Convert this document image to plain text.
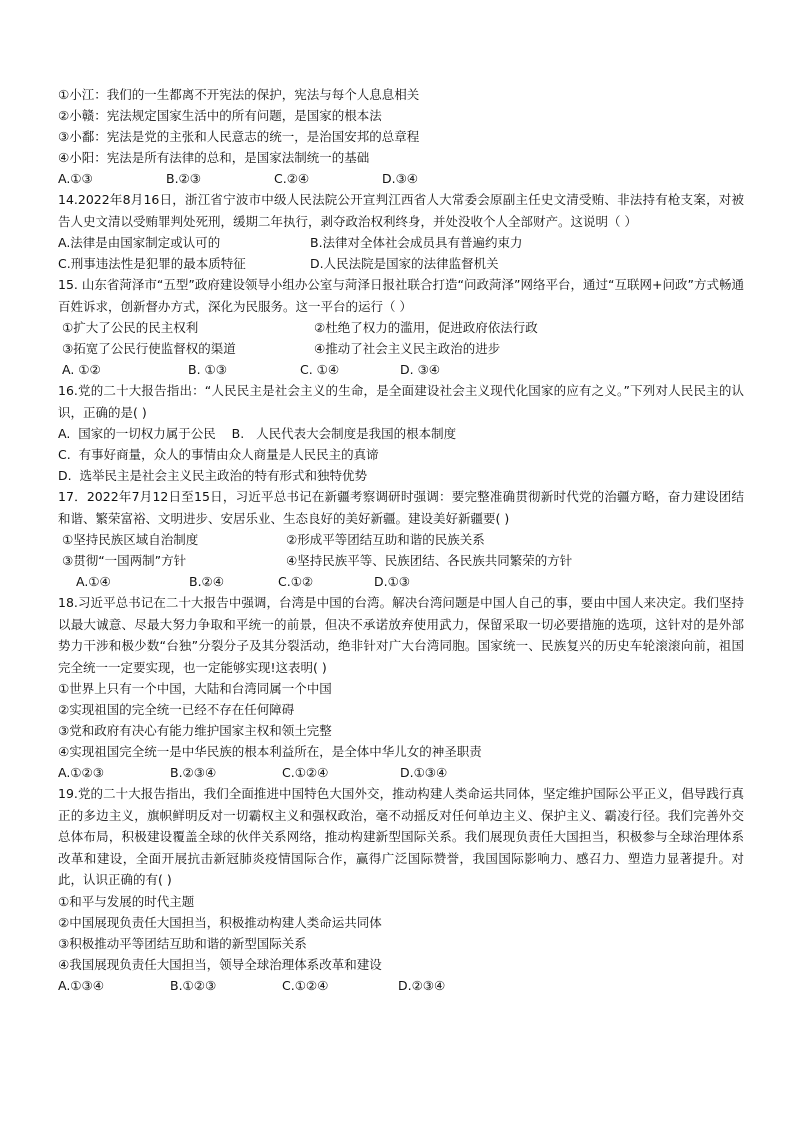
①小江：我们的一生都离不开宪法的保护，宪法与每个人息息相关
②小赣：宪法规定国家生活中的所有问题，是国家的根本法
③小鄱：宪法是党的主张和人民意志的统一，是治国安邦的总章程
④小阳：宪法是所有法律的总和，是国家法制统一的基础
A.①③	B.②③	C.②④	D.③④
14.2022年8月16日，浙江省宁波市中级人民法院公开宣判江西省人大常委会原副主任史文清受贿、非法持有枪支案，对被告人史文清以受贿罪判处死刑，缓期二年执行，剥夺政治权利终身，并处没收个人全部财产。这说明（ ）
A.法律是由国家制定或认可的	B.法律对全体社会成员具有普遍约束力
C.刑事违法性是犯罪的最本质特征	D.人民法院是国家的法律监督机关
15. 山东省菏泽市“五型”政府建设领导小组办公室与菏泽日报社联合打造“问政菏泽”网络平台，通过“互联网+问政”方式畅通百姓诉求，创新督办方式，深化为民服务。这一平台的运行（ ）
①扩大了公民的民主权利	②杜绝了权力的滥用，促进政府依法行政
③拓宽了公民行使监督权的渠道	④推动了社会主义民主政治的进步
A. ①②	B. ①③	C. ①④	D. ③④
16.党的二十大报告指出：“人民民主是社会主义的生命，是全面建设社会主义现代化国家的应有之义。”下列对人民民主的认识，正确的是( )
A.  国家的一切权力属于公民    B.   人民代表大会制度是我国的根本制度
C.  有事好商量，众人的事情由众人商量是人民民主的真谛
D.  选举民主是社会主义民主政治的特有形式和独特优势
17．2022年7月12日至15日，习近平总书记在新疆考察调研时强调：要完整准确贯彻新时代党的治疆方略，奋力建设团结和谐、繁荣富裕、文明进步、安居乐业、生态良好的美好新疆。建设美好新疆要( )
①坚持民族区域自治制度	②形成平等团结互助和谐的民族关系
③贯彻“一国两制”方针	④坚持民族平等、民族团结、各民族共同繁荣的方针
A.①④	B.②④	C.①②	D.①③
18.习近平总书记在二十大报告中强调，台湾是中国的台湾。解决台湾问题是中国人自己的事，要由中国人来决定。我们坚持以最大诚意、尽最大努力争取和平统一的前景，但决不承诺放弃使用武力，保留采取一切必要措施的选项，这针对的是外部势力干涉和极少数“台独”分裂分子及其分裂活动，绝非针对广大台湾同胞。国家统一、民族复兴的历史车轮滚滚向前，祖国完全统一一定要实现，也一定能够实现!这表明( )
①世界上只有一个中国，大陆和台湾同属一个中国
②实现祖国的完全统一已经不存在任何障碍
③党和政府有决心有能力维护国家主权和领土完整
④实现祖国完全统一是中华民族的根本利益所在，是全体中华儿女的神圣职责
A.①②③	B.②③④	C.①②④	D.①③④
19.党的二十大报告指出，我们全面推进中国特色大国外交，推动构建人类命运共同体，坚定维护国际公平正义，倡导践行真正的多边主义，旗帜鲜明反对一切霸权主义和强权政治，毫不动摇反对任何单边主义、保护主义、霸凌行径。我们完善外交总体布局，积极建设覆盖全球的伙伴关系网络，推动构建新型国际关系。我们展现负责任大国担当，积极参与全球治理体系改革和建设，全面开展抗击新冠肺炎疫情国际合作，赢得广泛国际赞誉，我国国际影响力、感召力、塑造力显著提升。对此，认识正确的有( )
①和平与发展的时代主题
②中国展现负责任大国担当，积极推动构建人类命运共同体
③积极推动平等团结互助和谐的新型国际关系
④我国展现负责任大国担当，领导全球治理体系改革和建设
A.①③④	B.①②③	C.①②④	D.②③④
